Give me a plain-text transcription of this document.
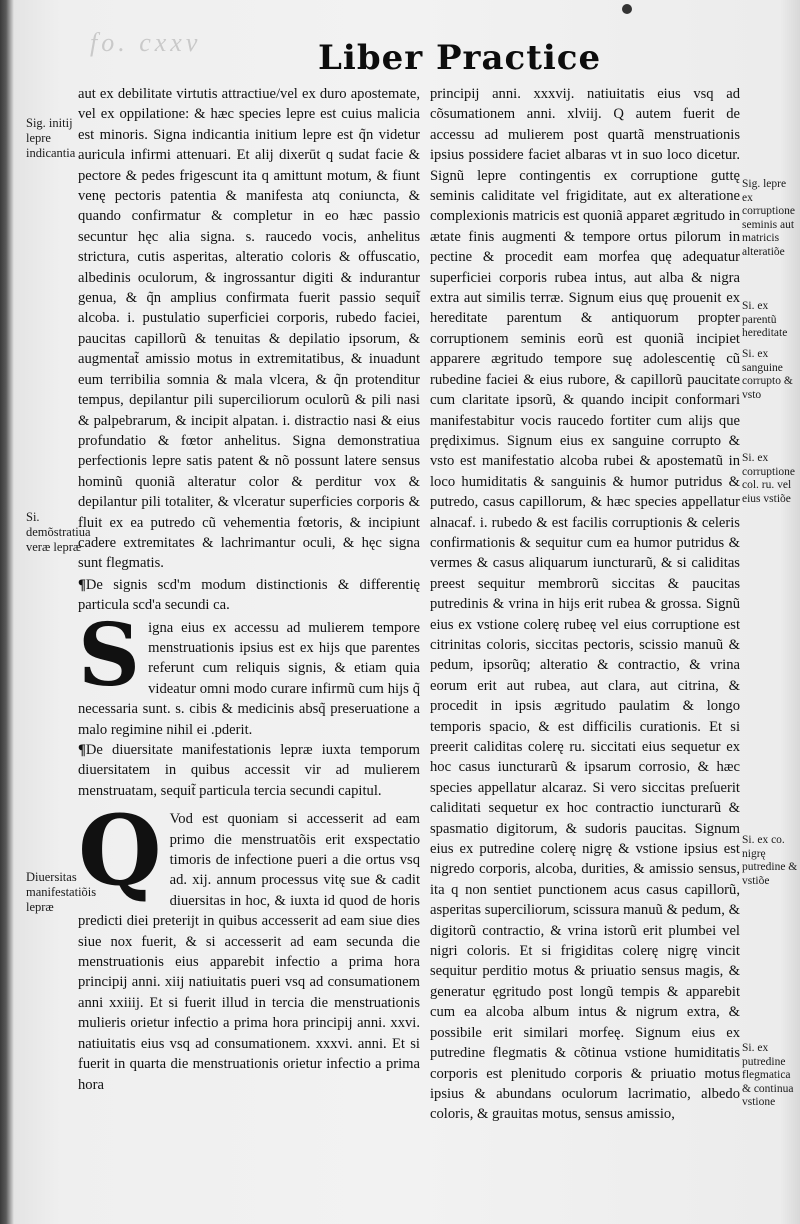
fo. cxxv	Liber Practice
Sig. initij lepre indicantia
Si. demõstratiua veræ lepræ
Diuersitas manifestatiõis lepræ
Sig. lepre ex corruptione seminis aut matricis alteratiõe
Si. ex parentũ hereditate
Si. ex sanguine corrupto & vsto
Si. ex corruptione col. ru. vel eius vstiõe
Si. ex co. nigrę putredine & vstiõe
Si. ex putredine flegmatica & continua vstione

aut ex debilitate virtutis attractiue/vel ex duro apostemate, vel ex oppilatione: & hæc species lepre est cuius malicia est minoris. Signa indicantia initium lepre est q̃n videtur auricula infirmi attenuari. Et alij dixerūt q sudat facie & pectore & pedes frigescunt ita q amittunt motum, & fiunt venę pectoris patentia & manifesta atq coniuncta, & quando confirmatur & completur in eo hæc passio secuntur hęc alia signa. s. raucedo vocis, anhelitus strictura, cutis asperitas, alteratio coloris & offuscatio, albedinis oculorum, & ingrossantur digiti & indurantur genua, & q̃n amplius confirmata fuerit passio sequit̃ alcoba. i. pustulatio superficiei corporis, rubedo faciei, paucitas capillorũ & tenuitas & depilatio ipsorum, & augmentat̃ amissio motus in extremitatibus, & inuadunt eum terribilia somnia & mala vlcera, & q̃n protenditur tempus, depilantur pili superciliorum oculorũ & pili nasi & palpebrarum, & incipit alpatan. i. distractio nasi & eius profundatio & fœtor anhelitus. Signa demonstratiua perfectionis lepre satis patent & nõ possunt latere sensus hominũ quoniã alteratur color & perditur vox & depilantur pili totaliter, & vlceratur superficies corporis & fluit ex ea putredo cũ vehementia fœtoris, & incipiunt cadere extremitates & lachrimantur oculi, & hęc signa sunt flegmatis.

¶De signis scd'm modum distinctionis & differentię particula scd'a secundi ca.

Signa eius ex accessu ad mulierem tempore menstruationis ipsius est ex hijs que parentes referunt cum reliquis signis, & etiam quia videatur omni modo curare infirmũ cum hijs q̃ necessaria sunt. s. cibis & medicinis absq̃ preseruatione a malo regimine nihil ei .pderit.

¶De diuersitate manifestationis lepræ iuxta temporum diuersitatem in quibus accessit vir ad mulierem menstruatam, sequit̃ particula tercia secundi capitul.

Q Vod est quoniam si accesserit ad eam primo die menstruatõis erit exspectatio timoris de infectione pueri a die ortus vsq ad. xij. annum processus vitę sue & cadit diuersitas in hoc, & iuxta id quod de horis predicti diei preterijt in quibus accesserit ad eam siue dies siue nox fuerit, & si accesserit ad eam secunda die menstruationis eius apparebit infectio a prima hora principij anni. xiij natiuitatis pueri vsq ad consumationem anni xxiiij. Et si fuerit illud in tercia die menstruationis mulieris orietur infectio a prima hora principij anni. xxvi. natiuitatis eius vsq ad consumationem. xxxvi. anni. Et si fuerit in quarta die menstruationis orietur infectio a prima hora

principij anni. xxxvij. natiuitatis eius vsq ad cõsumationem anni. xlviij. Q autem fuerit de accessu ad mulierem post quartã menstruationis ipsius possidere faciet albaras vt in suo loco dicetur. Signũ lepre contingentis ex corruptione guttę seminis caliditate vel frigiditate, aut ex alteratione complexionis matricis est quoniã apparet ægritudo in ætate finis augmenti & tempore ortus pilorum in pectine & procedit eam morfea quę adequatur superficiei corporis rubea intus, aut alba & nigra extra aut similis terræ. Signum eius quę prouenit ex hereditate parentum & antiquorum propter corruptionem seminis eorũ est quoniã incipiet apparere ægritudo tempore suę adolescentię cũ rubedine faciei & eius rubore, & capillorũ paucitate cum claritate ipsorũ, & quando incipit conformari manifestabitur vocis raucedo fortiter cum alijs que prędiximus. Signum eius ex sanguine corrupto & vsto est manifestatio alcoba rubei & apostematũ in loco humiditatis & sanguinis & humor putridus & putredo, casus capillorum, & hæc species appellatur alnacaf. i. rubedo & est facilis corruptionis & celeris confirmationis & sequitur cum ea humor putridus & vermes & casus aliquarum iuncturarũ, & si caliditas preest sequitur membrorũ siccitas & paucitas putredinis & vrina in hijs erit rubea & grossa. Signũ eius ex vstione colerę rubeę vel eius corruptione est citrinitas coloris, siccitas pectoris, scissio manuũ & pedum, ipsorũq; alteratio & contractio, & vrina eorum erit aut rubea, aut clara, aut citrina, & procedit in ipsis ægritudo paulatim & longo temporis spacio, & est difficilis curationis. Et si preerit caliditas colerę ru. siccitati eius sequetur ex hoc casus iuncturarũ & ipsarum corrosio, & hæc species appellatur alcaraz. Si vero siccitas preſuerit caliditati sequetur ex hoc contractio iuncturarũ & spasmatio digitorum, & sudoris paucitas. Signum eius ex putredine colerę nigrę & vstione ipsius est nigredo corporis, alcoba, durities, & amissio sensus, ita q non sentiet punctionem acus casus capillorũ, asperitas superciliorum, scissura manuũ & pedum, & digitorũ contractio, & vrina istorũ erit plumbei vel nigri coloris. Et si frigiditas colerę nigrę vincit sequitur perditio motus & priuatio sensus magis, & generatur ęgritudo post longũ tempis & apparebit cum ea alcoba album intus & nigrum extra, & possibile erit similari morfeę. Signum eius ex putredine flegmatis & cõtinua vstione humiditatis corporis est plenitudo corporis & priuatio motus ipsius & abundans oculorum lacrimatio, albedo coloris, & grauitas motus, sensus amissio,
